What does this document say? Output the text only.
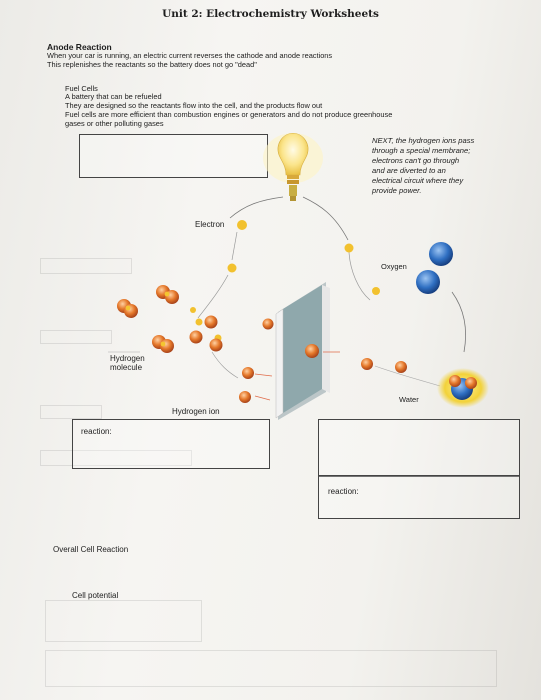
Unit 2: Electrochemistry Worksheets
Anode Reaction
When your car is running, an electric current reverses the cathode and anode reactions
This replenishes the reactants so the battery does not go "dead"
Fuel Cells
A battery that can be refueled
They are designed so the reactants flow into the cell, and the products flow out
Fuel cells are more efficient than combustion engines or generators and do not produce greenhouse
gases or other polluting gases
NEXT, the hydrogen ions pass
through a special membrane;
electrons can't go through
and are diverted to an
electrical circuit where they
provide power.
Electron
Oxygen
Hydrogen
molecule
Hydrogen ion
Water
reaction:
reaction:
Overall Cell Reaction
Cell potential
